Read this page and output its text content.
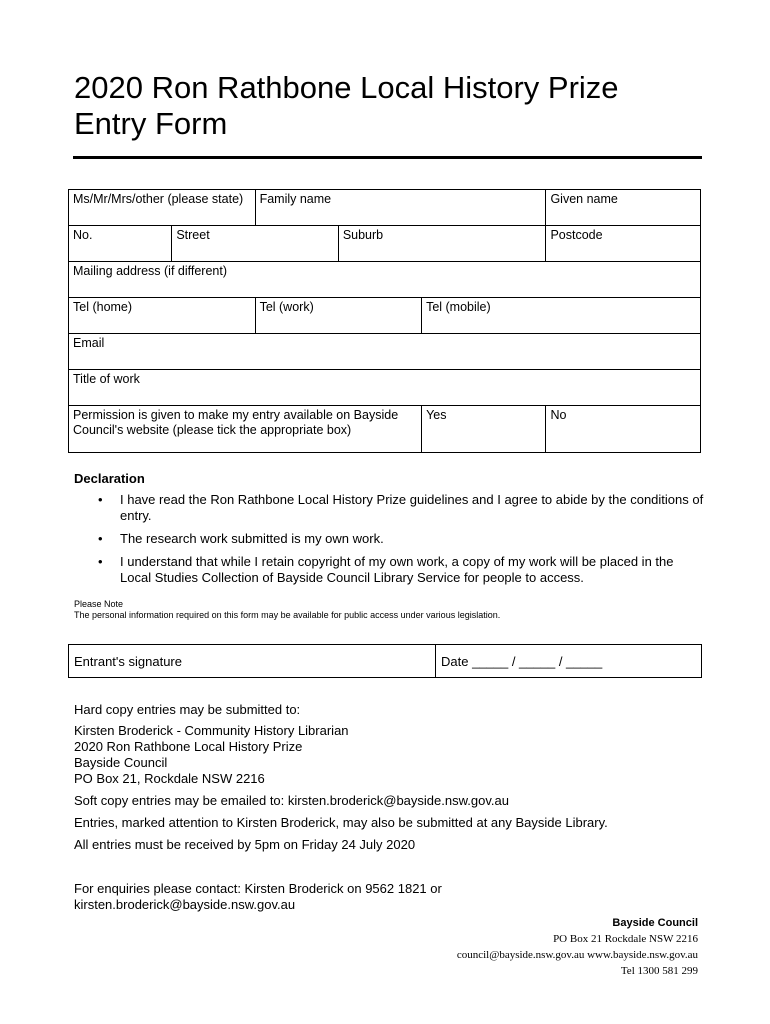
2020 Ron Rathbone Local History Prize
Entry Form
Ms/Mr/Mrs/other (please state)		Family name			Given name
No.	Street		Suburb		Postcode
Mailing address (if different)					
Tel (home)		Tel (work)		Tel (mobile)	
Email					
Title of work					
Permission is given to make my entry available on Bayside Council's website (please tick the appropriate box)				Yes	No

Declaration

• I have read the Ron Rathbone Local History Prize guidelines and I agree to abide by the conditions of entry.
• The research work submitted is my own work.
• I understand that while I retain copyright of my own work, a copy of my work will be placed in the Local Studies Collection of Bayside Council Library Service for people to access.
Please Note
The personal information required on this form may be available for public access under various legislation.
Entrant's signature	Date _____ / _____ / _____

Hard copy entries may be submitted to:

Kirsten Broderick - Community History Librarian

2020 Ron Rathbone Local History Prize

Bayside Council

PO Box 21, Rockdale NSW 2216

Soft copy entries may be emailed to: kirsten.broderick@bayside.nsw.gov.au

Entries, marked attention to Kirsten Broderick, may also be submitted at any Bayside Library.

All entries must be received by 5pm on Friday 24 July 2020

For enquiries please contact: Kirsten Broderick on 9562 1821 or
kirsten.broderick@bayside.nsw.gov.au
Bayside Council
PO Box 21 Rockdale NSW 2216
council@bayside.nsw.gov.au www.bayside.nsw.gov.au
Tel 1300 581 299
